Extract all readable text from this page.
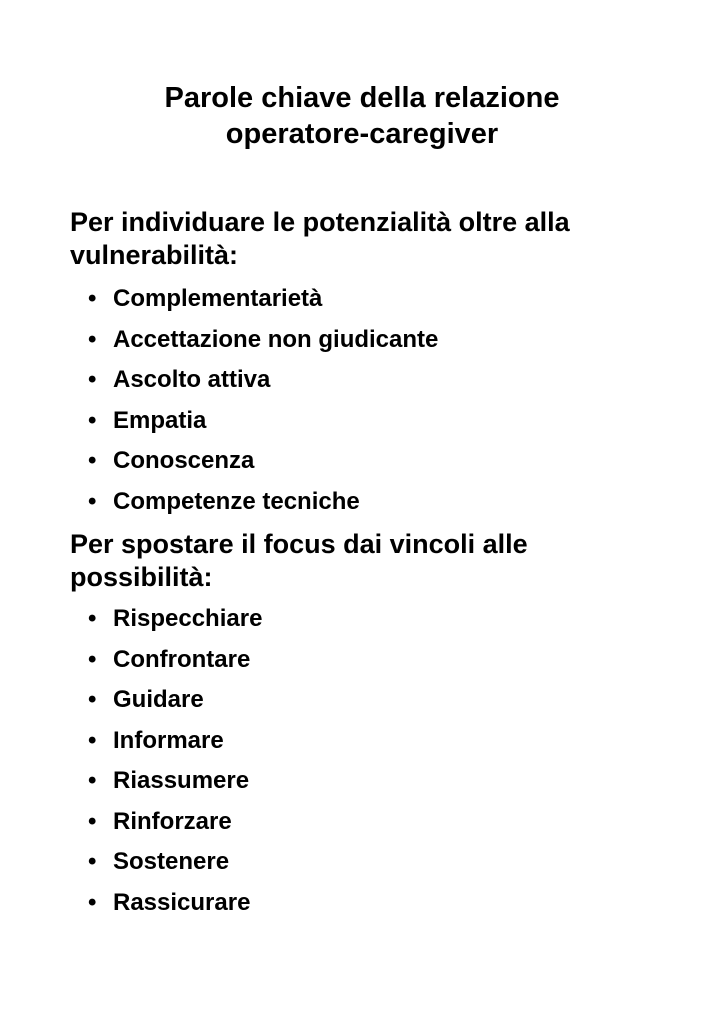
Parole chiave della relazione
operatore-caregiver
Per individuare le potenzialità oltre alla
vulnerabilità:
• Complementarietà
• Accettazione non giudicante
• Ascolto attiva
• Empatia
• Conoscenza
• Competenze tecniche
Per spostare il focus dai vincoli alle
possibilità:
• Rispecchiare
• Confrontare
• Guidare
• Informare
• Riassumere
• Rinforzare
• Sostenere
• Rassicurare
